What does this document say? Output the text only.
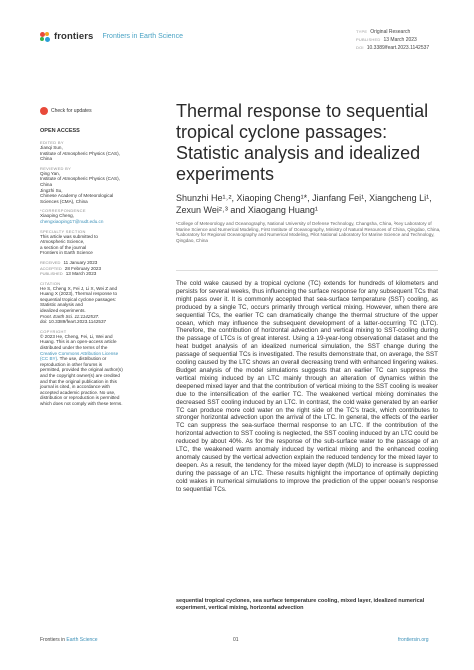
frontiers Frontiers in Earth Science
TYPE Original Research
PUBLISHED 13 March 2023
DOI 10.3389/feart.2023.1142537
Check for updates
OPEN ACCESS
EDITED BY
Jianqi Sun,
Institute of Atmospheric Physics (CAS),
China
REVIEWED BY
Qing Yan,
Institute of Atmospheric Physics (CAS),
China
Jingzhi Su,
Chinese Academy of Meteorological
Sciences (CMA), China
*CORRESPONDENCE
Xiaoping Cheng,
chengxiaoping17@nudt.edu.cn
SPECIALTY SECTION
This article was submitted to
Atmospheric Science,
a section of the journal
Frontiers in Earth Science
RECEIVED 11 January 2023
ACCEPTED 28 February 2023
PUBLISHED 13 March 2023
CITATION
He S, Cheng X, Fei J, Li X, Wei Z and
Huang X (2023), Thermal response to
sequential tropical cyclone passages:
Statistic analysis and
idealized experiments.
Front. Earth Sci. 11:1142537.
doi: 10.3389/feart.2023.1142537
COPYRIGHT
© 2023 He, Cheng, Fei, Li, Wei and
Huang. This is an open-access article
distributed under the terms of the
Creative Commons Attribution License
(CC BY). The use, distribution or
reproduction in other forums is
permitted, provided the original author(s)
and the copyright owner(s) are credited
and that the original publication in this
journal is cited, in accordance with
accepted academic practice. No use,
distribution or reproduction is permitted
which does not comply with these terms.
Thermal response to sequential tropical cyclone passages: Statistic analysis and idealized experiments
Shunzhi He¹˒², Xiaoping Cheng¹*, Jianfang Fei¹, Xiangcheng Li¹, Zexun Wei²˒³ and Xiaogang Huang¹
¹College of Meteorology and Oceanography, National University of Defense Technology, Changsha, China, ²Key Laboratory of Marine Science and Numerical Modeling, First Institute of Oceanography, Ministry of Natural Resources of China, Qingdao, China, ³Laboratory for Regional Oceanography and Numerical Modeling, Pilot National Laboratory for Marine Science and Technology, Qingdao, China

The cold wake caused by a tropical cyclone (TC) extends for hundreds of kilometers and persists for several weeks, thus influencing the surface response for any subsequent TCs that might pass over it. It is commonly accepted that sea-surface temperature (SST) cooling, as produced by a single TC, occurs primarily through vertical mixing. However, when there are sequential TCs, the earlier TC can dramatically change the thermal structure of the upper ocean, which may influence the subsequent development of a latter-occurring TC (LTC). Therefore, the contribution of horizontal advection and vertical mixing to SST-cooling during the passage of LTCs is of great interest. Using a 19-year-long observational dataset and the heat budget analysis of an idealized numerical simulation, the SST change during the passage of sequential TCs is investigated. The results demonstrate that, on average, the SST cooling caused by the LTC shows an overall decreasing trend with enhanced lingering wakes. Budget analysis of the model simulations suggests that an earlier TC can suppress the vertical mixing induced by an LTC mainly through an alteration of dynamics within the deepened mixed layer and that the contribution of vertical mixing to the SST cooling is weaker due to the intensification of the earlier TC. The weakened vertical mixing dominates the decreased SST cooling induced by an LTC. In contrast, the cold wake generated by an earlier TC can produce more cold water on the right side of the TC's track, which contributes to stronger horizontal advection upon the arrival of the LTC. In general, the effects of the earlier TC can suppress the sea-surface thermal response to an LTC. If the contribution of the horizontal advection to SST cooling is neglected, the SST cooling induced by an LTC could be reduced by about 40%. As for the response of the sub-surface water to the passage of an LTC, the weakened warm anomaly induced by vertical mixing and the enhanced cooling anomaly caused by the vertical advection explain the reduced tendency for the mixed layer to deepen. As a result, the tendency for the mixed layer depth (MLD) to increase is suppressed during the passage of an LTC. These results highlight the importance of optimally depicting cold wakes in numerical simulations to improve the prediction of the upper ocean's response to sequential TCs.

sequential tropical cyclones, sea surface temperature cooling, mixed layer, idealized numerical experiment, vertical mixing, horizontal advection
Frontiers in Earth Science	01	frontiersin.org
